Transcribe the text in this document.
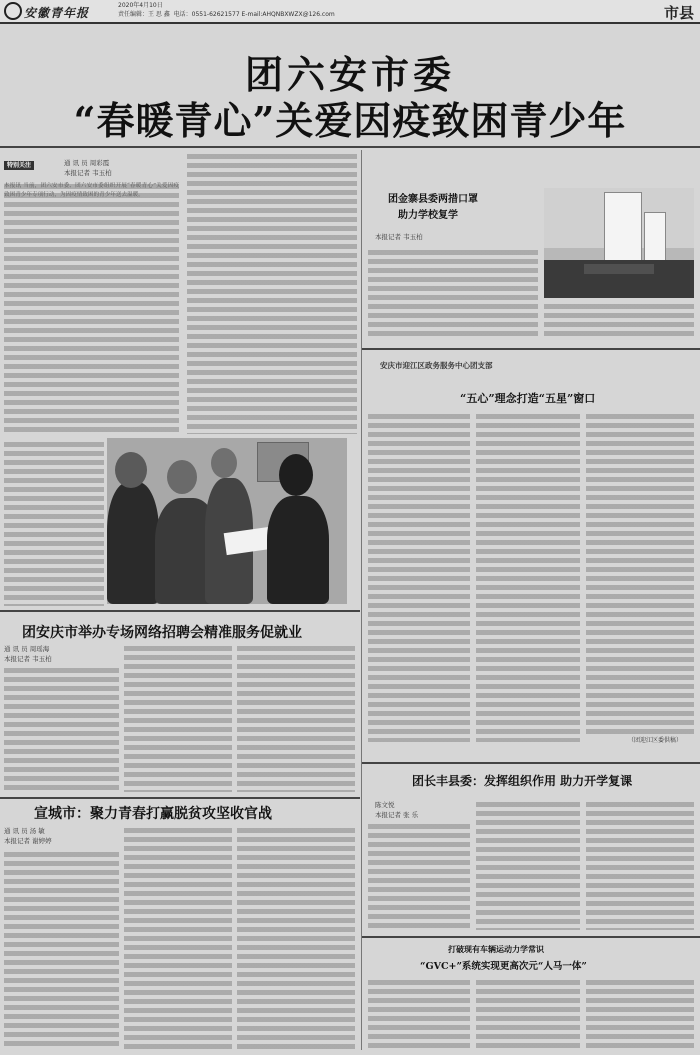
安徽青年报
2020年4月10日
责任编辑：王 思 鑫 电话：0551-62621577 E-mail:AHQNBXWZX@126.com	市县
团六安市委
“春暖青心”关爱因疫致困青少年
特别关注	通 讯 员 周彩霞
本报记者 韦玉柏
本报讯 当前，团六安市委、团六安市委组织开展“春暖青心”关爱因疫致困青少年专项行动，为因疫情致困的青少年送去温暖。
团安庆市举办专场网络招聘会精准服务促就业
通 讯 员 周瑶海
本报记者 韦玉柏
宣城市：聚力青春打赢脱贫攻坚收官战
通 讯 员 汤 敏
本报记者 谢婷婷
团金寨县委两措口罩
助力学校复学
本报记者 韦玉柏
安庆市迎江区政务服务中心团支部
“五心”理念打造“五星”窗口
（团迎江区委供稿）
团长丰县委：发挥组织作用 助力开学复课
陈文悦
本报记者 张 乐
打破现有车辆运动力学常识
“GVC+”系统实现更高次元“人马一体”
